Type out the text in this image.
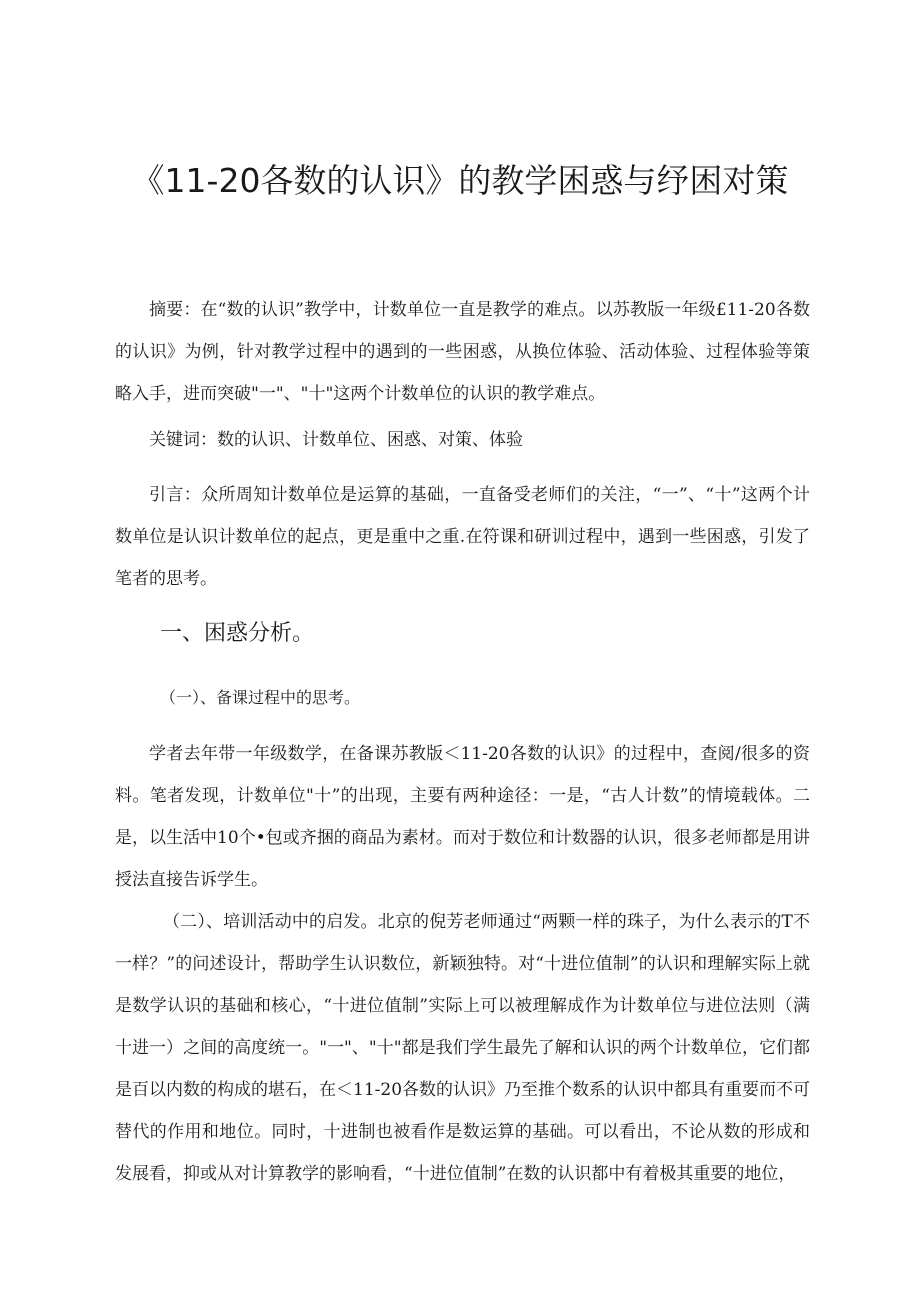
《11-20各数的认识》的教学困惑与纾困对策

摘要：在“数的认识”教学中，计数单位一直是教学的难点。以苏教版一年级£11-20各数的认识》为例，针对教学过程中的遇到的一些困惑，从换位体验、活动体验、过程体验等策略入手，进而突破"一"、"十"这两个计数单位的认识的教学难点。

关键词：数的认识、计数单位、困惑、对策、体验

引言：众所周知计数单位是运算的基础，一直备受老师们的关注，“一”、“十”这两个计数单位是认识计数单位的起点，更是重中之重.在符课和研训过程中，遇到一些困惑，引发了笔者的思考。

一、困惑分析。
（一）、备课过程中的思考。

学者去年带一年级数学，在备课苏教版＜11-20各数的认识》的过程中，查阅/很多的资料。笔者发现，计数单位"十”的出现，主要有两种途径：一是，“古人计数”的情境载体。二是，以生活中10个•包或齐捆的商品为素材。而对于数位和计数器的认识，很多老师都是用讲授法直接告诉学生。

（二）、培训活动中的启发。北京的倪芳老师通过“两颗一样的珠子，为什么表示的T不一样？”的问述设计，帮助学生认识数位，新颖独特。对“十进位值制”的认识和理解实际上就是数学认识的基础和核心，“十进位值制”实际上可以被理解成作为计数单位与进位法则（满十进一）之间的高度统一。"一"、"十"都是我们学生最先了解和认识的两个计数单位，它们都是百以内数的构成的堪石，在＜11-20各数的认识》乃至推个数系的认识中都具有重要而不可替代的作用和地位。同时，十进制也被看作是数运算的基础。可以看出，不论从数的形成和发展看，抑或从对计算教学的影响看，“十进位值制”在数的认识都中有着极其重要的地位，
